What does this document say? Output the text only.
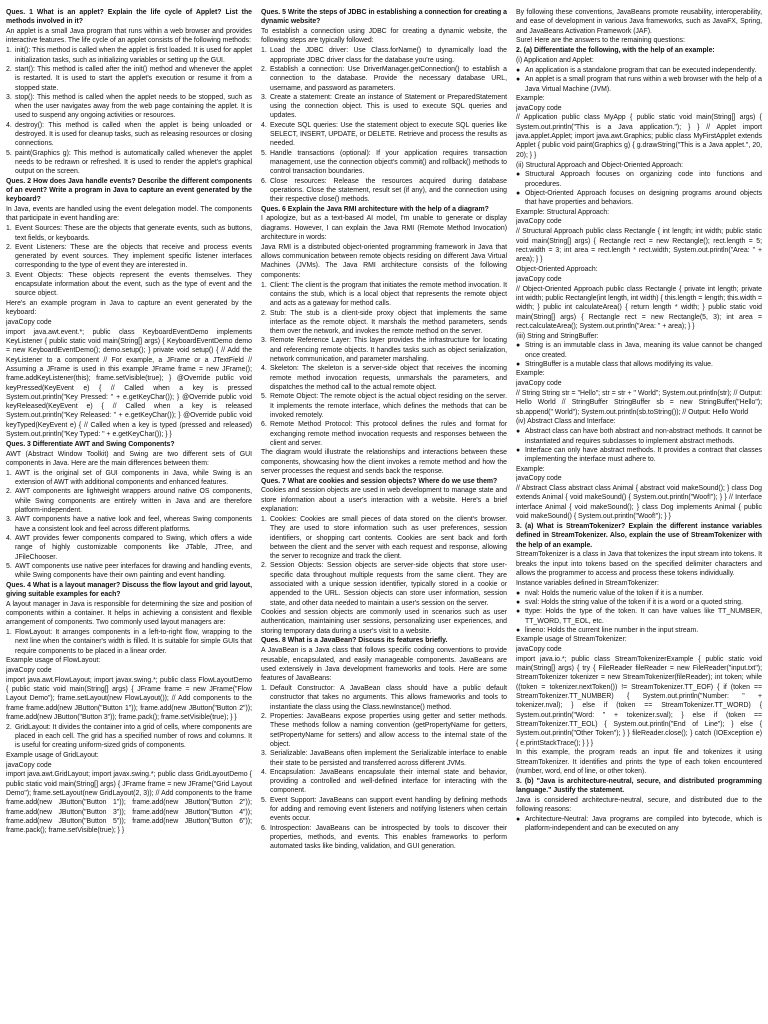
Ques. 1 What is an applet? Explain the life cycle of Applet? List the methods involved in it?

An applet is a small Java program that runs within a web browser and provides interactive features. The life cycle of an applet consists of the following methods:

1. init(): This method is called when the applet is first loaded. It is used for applet initialization tasks, such as initializing variables or setting up the GUI.
2. start(): This method is called after the init() method and whenever the applet is restarted. It is used to start the applet's execution or resume it from a stopped state.
3. stop(): This method is called when the applet needs to be stopped, such as when the user navigates away from the web page containing the applet. It is used to suspend any ongoing activities or resources.
4. destroy(): This method is called when the applet is being unloaded or destroyed. It is used for cleanup tasks, such as releasing resources or closing connections.
5. paint(Graphics g): This method is automatically called whenever the applet needs to be redrawn or refreshed. It is used to render the applet's graphical output on the screen.

Ques. 2 How does Java handle events? Describe the different components of an event? Write a program in Java to capture an event generated by the keyboard?

In Java, events are handled using the event delegation model. The components that participate in event handling are:

1. Event Sources: These are the objects that generate events, such as buttons, text fields, or keyboards.
2. Event Listeners: These are the objects that receive and process events generated by event sources. They implement specific listener interfaces corresponding to the type of event they are interested in.
3. Event Objects: These objects represent the events themselves. They encapsulate information about the event, such as the type of event and the source object.

Here's an example program in Java to capture an event generated by the keyboard:

javaCopy code

import java.awt.event.*; public class KeyboardEventDemo implements KeyListener { public static void main(String[] args) { KeyboardEventDemo demo = new KeyboardEventDemo(); demo.setup(); } private void setup() { // Add the KeyListener to a component // For example, a JFrame or a JTextField // Assuming a JFrame is used in this example JFrame frame = new JFrame(); frame.addKeyListener(this); frame.setVisible(true); } @Override public void keyPressed(KeyEvent e) { // Called when a key is pressed System.out.println("Key Pressed: " + e.getKeyChar()); } @Override public void keyReleased(KeyEvent e) { // Called when a key is released System.out.println("Key Released: " + e.getKeyChar()); } @Override public void keyTyped(KeyEvent e) { // Called when a key is typed (pressed and released) System.out.println("Key Typed: " + e.getKeyChar()); } }

Ques. 3 Differentiate AWT and Swing Components?

AWT (Abstract Window Toolkit) and Swing are two different sets of GUI components in Java. Here are the main differences between them:

1. AWT is the original set of GUI components in Java, while Swing is an extension of AWT with additional components and enhanced features.
2. AWT components are lightweight wrappers around native OS components, while Swing components are entirely written in Java and are therefore platform-independent.
3. AWT components have a native look and feel, whereas Swing components have a consistent look and feel across different platforms.
4. AWT provides fewer components compared to Swing, which offers a wide range of highly customizable components like JTable, JTree, and JFileChooser.
5. AWT components use native peer interfaces for drawing and handling events, while Swing components have their own painting and event handling.

Ques. 4 What is a layout manager? Discuss the flow layout and grid layout, giving suitable examples for each?

A layout manager in Java is responsible for determining the size and position of components within a container. It helps in achieving a consistent and flexible arrangement of components. Two commonly used layout managers are:

1. FlowLayout: It arranges components in a left-to-right flow, wrapping to the next line when the container's width is filled. It is suitable for simple GUIs that require components to be placed in a linear order.

Example usage of FlowLayout:

javaCopy code

import java.awt.FlowLayout; import javax.swing.*; public class FlowLayoutDemo { public static void main(String[] args) { JFrame frame = new JFrame("Flow Layout Demo"); frame.setLayout(new FlowLayout()); // Add components to the frame frame.add(new JButton("Button 1")); frame.add(new JButton("Button 2")); frame.add(new JButton("Button 3")); frame.pack(); frame.setVisible(true); } }

2. GridLayout: It divides the container into a grid of cells, where components are placed in each cell. The grid has a specified number of rows and columns. It is useful for creating uniform-sized grids of components.

Example usage of GridLayout:

javaCopy code

import java.awt.GridLayout; import javax.swing.*; public class GridLayoutDemo { public static void main(String[] args) { JFrame frame = new JFrame("Grid Layout Demo"); frame.setLayout(new GridLayout(2, 3)); // Add components to the frame frame.add(new JButton("Button 1")); frame.add(new JButton("Button 2")); frame.add(new JButton("Button 3")); frame.add(new JButton("Button 4")); frame.add(new JButton("Button 5")); frame.add(new JButton("Button 6")); frame.pack(); frame.setVisible(true); } }

Ques. 5 Write the steps of JDBC in establishing a connection for creating a dynamic website?

To establish a connection using JDBC for creating a dynamic website, the following steps are typically followed:

1. Load the JDBC driver: Use Class.forName() to dynamically load the appropriate JDBC driver class for the database you're using.
2. Establish a connection: Use DriverManager.getConnection() to establish a connection to the database. Provide the necessary database URL, username, and password as parameters.
3. Create a statement: Create an instance of Statement or PreparedStatement using the connection object. This is used to execute SQL queries and updates.
4. Execute SQL queries: Use the statement object to execute SQL queries like SELECT, INSERT, UPDATE, or DELETE. Retrieve and process the results as needed.
5. Handle transactions (optional): If your application requires transaction management, use the connection object's commit() and rollback() methods to control transaction boundaries.
6. Close resources: Release the resources acquired during database operations. Close the statement, result set (if any), and the connection using their respective close() methods.

Ques. 6 Explain the Java RMI architecture with the help of a diagram?

I apologize, but as a text-based AI model, I'm unable to generate or display diagrams. However, I can explain the Java RMI (Remote Method Invocation) architecture in words:

Java RMI is a distributed object-oriented programming framework in Java that allows communication between remote objects residing on different Java Virtual Machines (JVMs). The Java RMI architecture consists of the following components:

1. Client: The client is the program that initiates the remote method invocation. It contains the stub, which is a local object that represents the remote object and acts as a gateway for method calls.
2. Stub: The stub is a client-side proxy object that implements the same interface as the remote object. It marshals the method parameters, sends them over the network, and invokes the remote method on the server.
3. Remote Reference Layer: This layer provides the infrastructure for locating and referencing remote objects. It handles tasks such as object serialization, network communication, and parameter marshaling.
4. Skeleton: The skeleton is a server-side object that receives the incoming remote method invocation requests, unmarshals the parameters, and dispatches the method call to the actual remote object.
5. Remote Object: The remote object is the actual object residing on the server. It implements the remote interface, which defines the methods that can be invoked remotely.
6. Remote Method Protocol: This protocol defines the rules and format for exchanging remote method invocation requests and responses between the client and server.

The diagram would illustrate the relationships and interactions between these components, showcasing how the client invokes a remote method and how the server processes the request and sends back the response.

Ques. 7 What are cookies and session objects? Where do we use them?

Cookies and session objects are used in web development to manage state and store information about a user's interaction with a website. Here's a brief explanation:

1. Cookies: Cookies are small pieces of data stored on the client's browser. They are used to store information such as user preferences, session identifiers, or shopping cart contents. Cookies are sent back and forth between the client and the server with each request and response, allowing the server to recognize and track the client.
2. Session Objects: Session objects are server-side objects that store user-specific data throughout multiple requests from the same client. They are associated with a unique session identifier, typically stored in a cookie or appended to the URL. Session objects can store user information, session state, and other data needed to maintain a user's session on the server.

Cookies and session objects are commonly used in scenarios such as user authentication, maintaining user sessions, personalizing user experiences, and storing temporary data during a user's visit to a website.

Ques. 8 What is a JavaBean? Discuss its features briefly.

A JavaBean is a Java class that follows specific coding conventions to provide reusable, encapsulated, and easily manageable components. JavaBeans are used extensively in Java development frameworks and tools. Here are some features of JavaBeans:

1. Default Constructor: A JavaBean class should have a public default constructor that takes no arguments. This allows frameworks and tools to instantiate the class using the Class.newInstance() method.
2. Properties: JavaBeans expose properties using getter and setter methods. These methods follow a naming convention (getPropertyName for getters, setPropertyName for setters) and allow access to the internal state of the object.
3. Serializable: JavaBeans often implement the Serializable interface to enable their state to be persisted and transferred across different JVMs.
4. Encapsulation: JavaBeans encapsulate their internal state and behavior, providing a controlled and well-defined interface for interacting with the component.
5. Event Support: JavaBeans can support event handling by defining methods for adding and removing event listeners and notifying listeners when certain events occur.
6. Introspection: JavaBeans can be introspected by tools to discover their properties, methods, and events. This enables frameworks to perform automated tasks like binding, validation, and GUI generation.

By following these conventions, JavaBeans promote reusability, interoperability, and ease of development in various Java frameworks, such as JavaFX, Spring, and JavaBeans Activation Framework (JAF).

Sure! Here are the answers to the remaining questions:

2. (a) Differentiate the following, with the help of an example:

(i) Application and Applet:

● An application is a standalone program that can be executed independently.
● An applet is a small program that runs within a web browser with the help of a Java Virtual Machine (JVM).

Example:

javaCopy code

// Application public class MyApp { public static void main(String[] args) { System.out.println("This is a Java application."); } } // Applet import java.applet.Applet; import java.awt.Graphics; public class MyFirstApplet extends Applet { public void paint(Graphics g) { g.drawString("This is a Java applet.", 20, 20); } }

(ii) Structural Approach and Object-Oriented Approach:

● Structural Approach focuses on organizing code into functions and procedures.
● Object-Oriented Approach focuses on designing programs around objects that have properties and behaviors.

Example: Structural Approach:

javaCopy code

// Structural Approach public class Rectangle { int length; int width; public static void main(String[] args) { Rectangle rect = new Rectangle(); rect.length = 5; rect.width = 3; int area = rect.length * rect.width; System.out.println("Area: " + area); } }

Object-Oriented Approach:

javaCopy code

// Object-Oriented Approach public class Rectangle { private int length; private int width; public Rectangle(int length, int width) { this.length = length; this.width = width; } public int calculateArea() { return length * width; } public static void main(String[] args) { Rectangle rect = new Rectangle(5, 3); int area = rect.calculateArea(); System.out.println("Area: " + area); } }

(iii) String and StringBuffer:

● String is an immutable class in Java, meaning its value cannot be changed once created.
● StringBuffer is a mutable class that allows modifying its value.

Example:

javaCopy code

// String String str = "Hello"; str = str + " World"; System.out.println(str); // Output: Hello World // StringBuffer StringBuffer sb = new StringBuffer("Hello"); sb.append(" World"); System.out.println(sb.toString()); // Output: Hello World

(iv) Abstract Class and Interface:

● Abstract class can have both abstract and non-abstract methods. It cannot be instantiated and requires subclasses to implement abstract methods.
● Interface can only have abstract methods. It provides a contract that classes implementing the interface must adhere to.

Example:

javaCopy code

// Abstract Class abstract class Animal { abstract void makeSound(); } class Dog extends Animal { void makeSound() { System.out.println("Woof!"); } } // Interface interface Animal { void makeSound(); } class Dog implements Animal { public void makeSound() { System.out.println("Woof!"); } }

3. (a) What is StreamTokenizer? Explain the different instance variables defined in StreamTokenizer. Also, explain the use of StreamTokenizer with the help of an example.

StreamTokenizer is a class in Java that tokenizes the input stream into tokens. It breaks the input into tokens based on the specified delimiter characters and allows the programmer to access and process these tokens individually.

Instance variables defined in StreamTokenizer:

● nval: Holds the numeric value of the token if it is a number.
● sval: Holds the string value of the token if it is a word or a quoted string.
● ttype: Holds the type of the token. It can have values like TT_NUMBER, TT_WORD, TT_EOL, etc.
● lineno: Holds the current line number in the input stream.

Example usage of StreamTokenizer:

javaCopy code

import java.io.*; public class StreamTokenizerExample { public static void main(String[] args) { try { FileReader fileReader = new FileReader("input.txt"); StreamTokenizer tokenizer = new StreamTokenizer(fileReader); int token; while ((token = tokenizer.nextToken()) != StreamTokenizer.TT_EOF) { if (token == StreamTokenizer.TT_NUMBER) { System.out.println("Number: " + tokenizer.nval); } else if (token == StreamTokenizer.TT_WORD) { System.out.println("Word: " + tokenizer.sval); } else if (token == StreamTokenizer.TT_EOL) { System.out.println("End of Line"); } else { System.out.println("Other Token"); } } fileReader.close(); } catch (IOException e) { e.printStackTrace(); } } }

In this example, the program reads an input file and tokenizes it using StreamTokenizer. It identifies and prints the type of each token encountered (number, word, end of line, or other token).

3. (b) "Java is architecture-neutral, secure, and distributed programming language." Justify the statement.

Java is considered architecture-neutral, secure, and distributed due to the following reasons:

● Architecture-Neutral: Java programs are compiled into bytecode, which is platform-independent and can be executed on any
